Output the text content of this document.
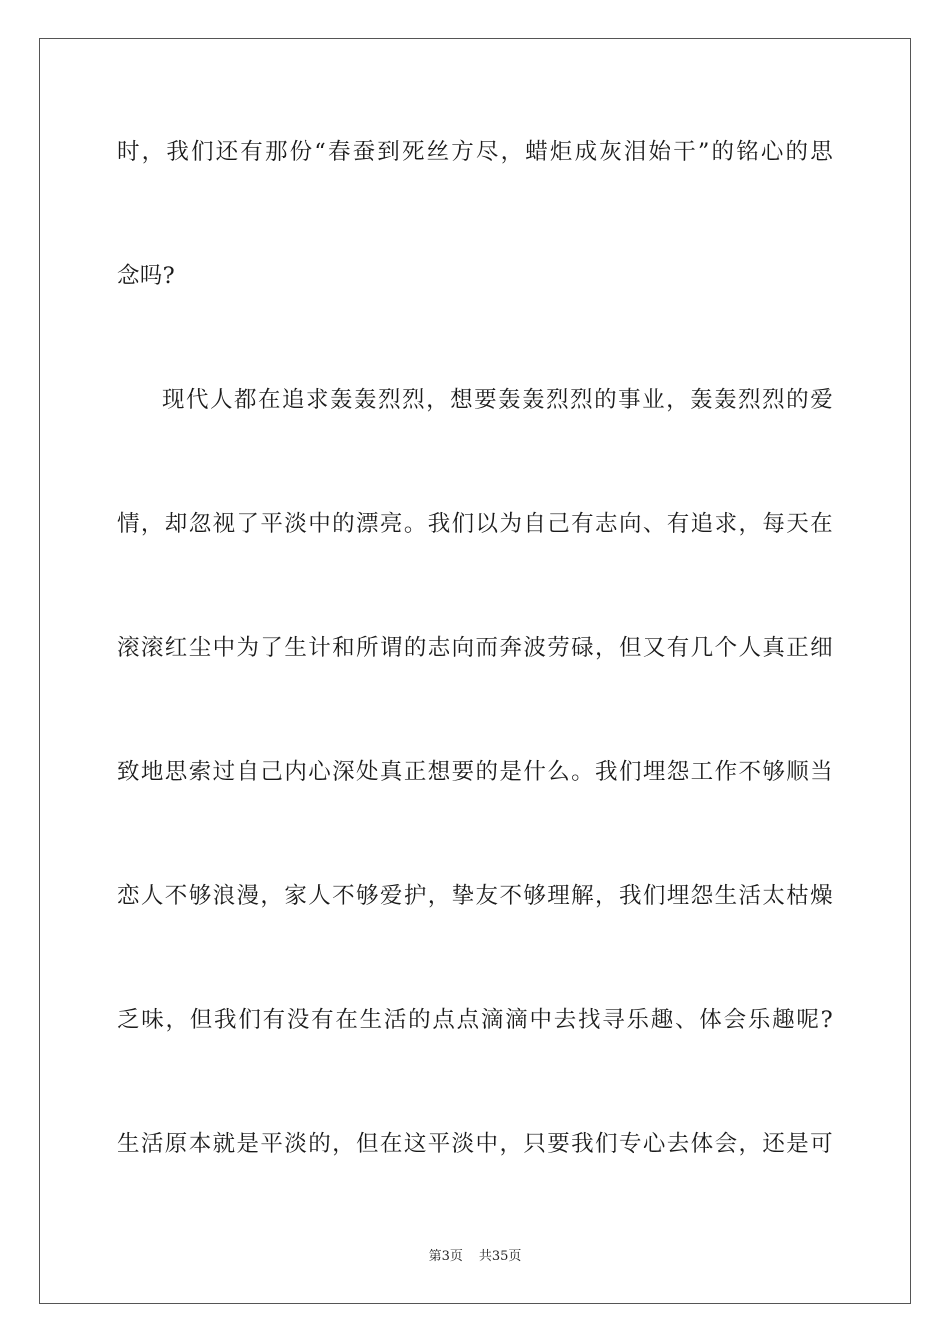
时，我们还有那份“春蚕到死丝方尽，蜡炬成灰泪始干”的铭心的思
念吗?
现代人都在追求轰轰烈烈，想要轰轰烈烈的事业，轰轰烈烈的爱
情，却忽视了平淡中的漂亮。我们以为自己有志向、有追求，每天在
滚滚红尘中为了生计和所谓的志向而奔波劳碌，但又有几个人真正细
致地思索过自己内心深处真正想要的是什么。我们埋怨工作不够顺当
恋人不够浪漫，家人不够爱护，挚友不够理解，我们埋怨生活太枯燥
乏味，但我们有没有在生活的点点滴滴中去找寻乐趣、体会乐趣呢?
生活原本就是平淡的，但在这平淡中，只要我们专心去体会，还是可
第3页 共35页
